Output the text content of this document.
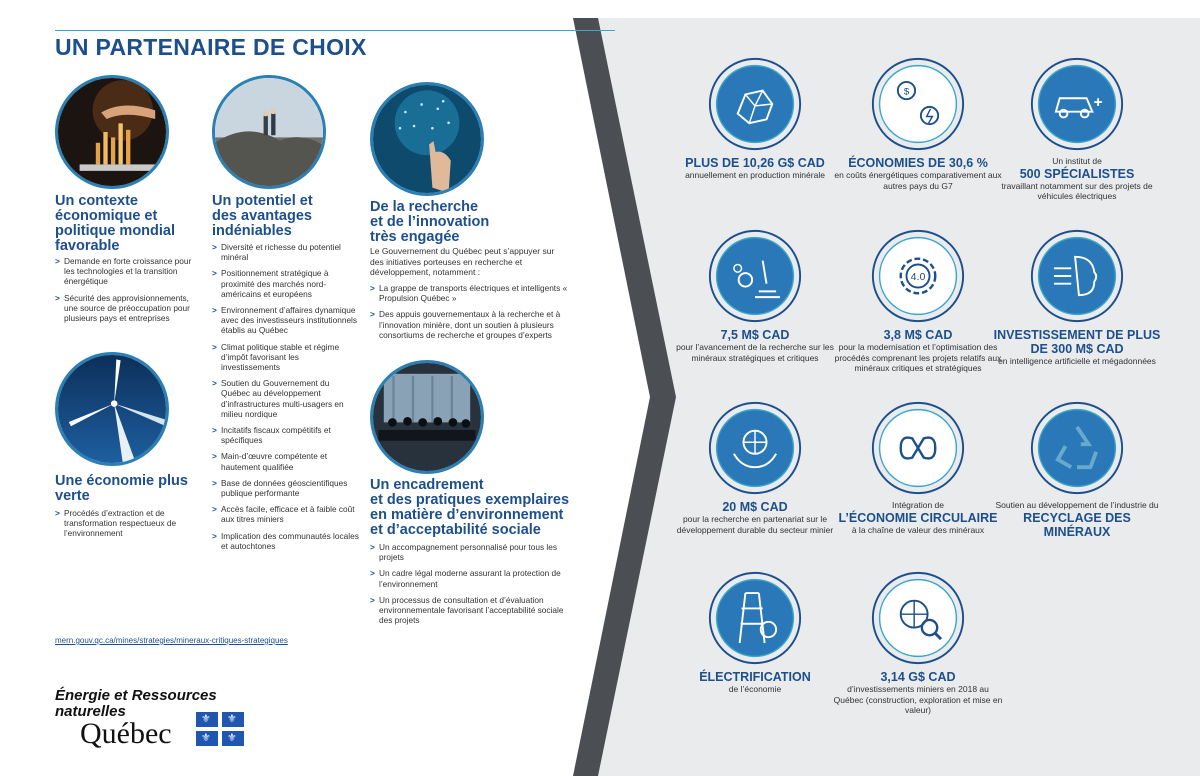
UN PARTENAIRE DE CHOIX
Un contexte
économique et
politique mondial
favorable
> Demande en forte croissance pour les technologies et la transition énergétique
> Sécurité des approvisionnements, une source de préoccupation pour plusieurs pays et entreprises
Une économie plus
verte
> Procédés d’extraction et de transformation respectueux de l’environnement
Un potentiel et
des avantages
indéniables
> Diversité et richesse du potentiel minéral
> Positionnement stratégique à proximité des marchés nord-américains et européens
> Environnement d’affaires dynamique avec des investisseurs institutionnels établis au Québec
> Climat politique stable et régime d’impôt favorisant les investissements
> Soutien du Gouvernement du Québec au développement d’infrastructures multi-usagers en milieu nordique
> Incitatifs fiscaux compétitifs et spécifiques
> Main-d’œuvre compétente et hautement qualifiée
> Base de données géoscientifiques publique performante
> Accès facile, efficace et à faible coût aux titres miniers
> Implication des communautés locales et autochtones
De la recherche
et de l’innovation
très engagée
Le Gouvernement du Québec peut s’appuyer sur des initiatives porteuses en recherche et développement, notamment :
> La grappe de transports électriques et intelligents « Propulsion Québec »
> Des appuis gouvernementaux à la recherche et à l’innovation minière, dont un soutien à plusieurs consortiums de recherche et groupes d’experts
Un encadrement
et des pratiques exemplaires
en matière d’environnement
et d’acceptabilité sociale
> Un accompagnement personnalisé pour tous les projets
> Un cadre légal moderne assurant la protection de l’environnement
> Un processus de consultation et d’évaluation environnementale favorisant l’acceptabilité sociale des projets
mern.gouv.qc.ca/mines/strategies/mineraux-critiques-strategiques
Énergie et Ressources
naturelles
Québec	⚜ ⚜
⚜ ⚜
PLUS DE 10,26 G$ CAD
annuellement en production minérale
$
ÉCONOMIES DE 30,6 %
en coûts énergétiques comparativement aux autres pays du G7
Un institut de
500 SPÉCIALISTES
travaillant notamment sur des projets de véhicules électriques
7,5 M$ CAD
pour l’avancement de la recherche sur les minéraux stratégiques et critiques
4.0
3,8 M$ CAD
pour la modernisation et l’optimisation des procédés comprenant les projets relatifs aux minéraux critiques et stratégiques
INVESTISSEMENT DE PLUS DE 300 M$ CAD
en intelligence artificielle et mégadonnées
20 M$ CAD
pour la recherche en partenariat sur le développement durable du secteur minier
Intégration de
L’ÉCONOMIE CIRCULAIRE
à la chaîne de valeur des minéraux
Soutien au développement de l’industrie du
RECYCLAGE DES MINÉRAUX
ÉLECTRIFICATION
de l’économie
3,14 G$ CAD
d’investissements miniers en 2018 au Québec (construction, exploration et mise en valeur)
